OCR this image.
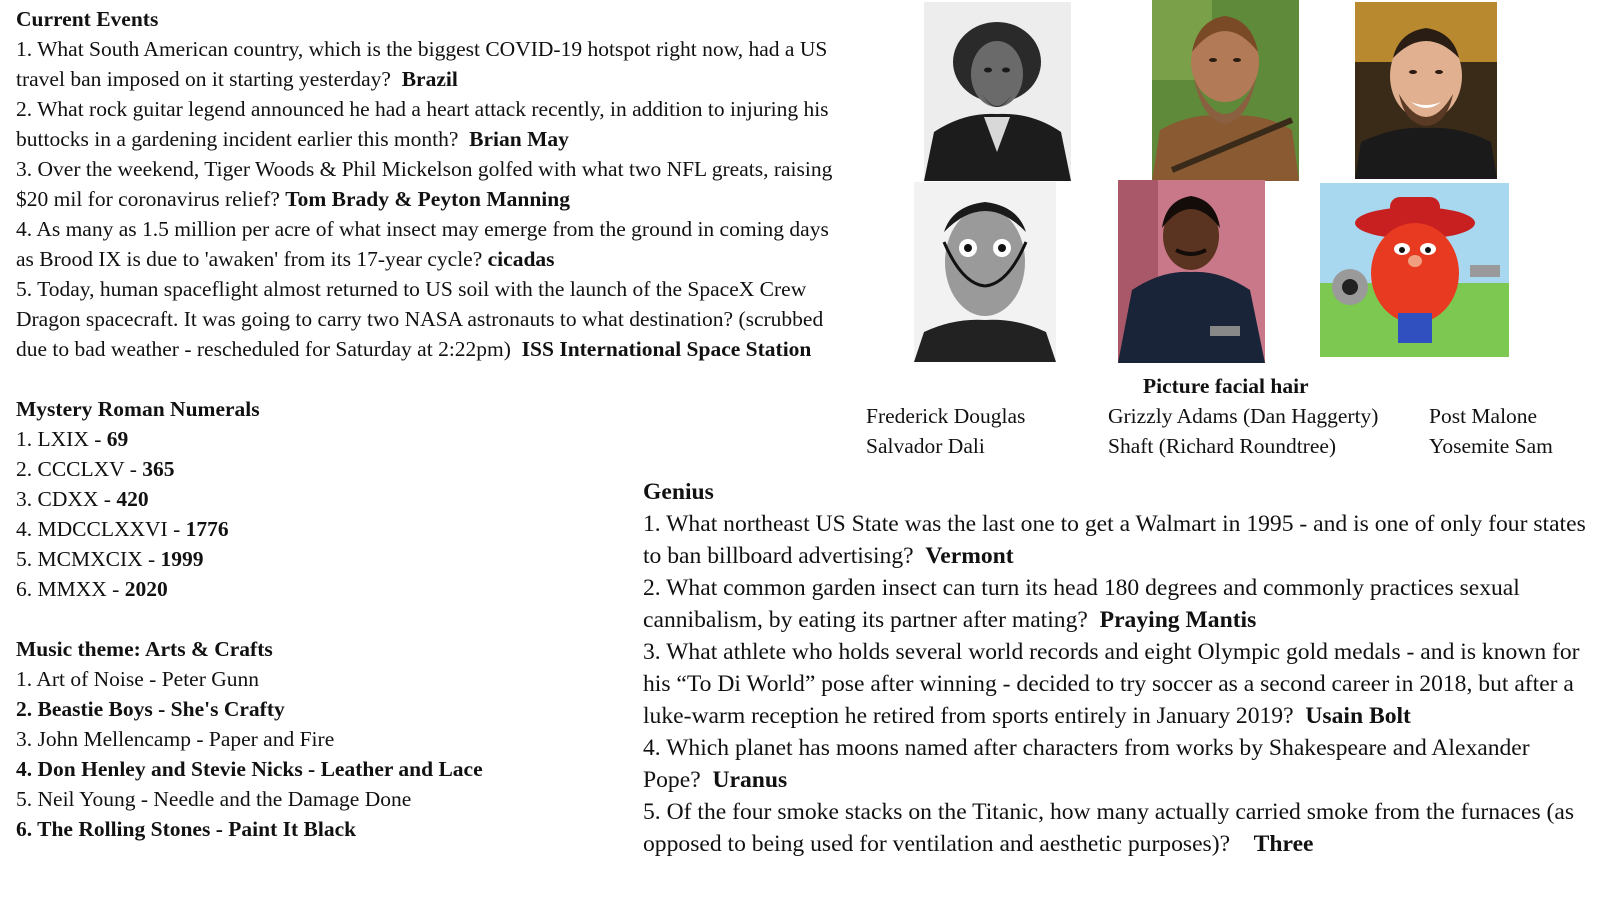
Current Events
1. What South American country, which is the biggest COVID-19 hotspot right now, had a US travel ban imposed on it starting yesterday? Brazil
2. What rock guitar legend announced he had a heart attack recently, in addition to injuring his buttocks in a gardening incident earlier this month? Brian May
3. Over the weekend, Tiger Woods & Phil Mickelson golfed with what two NFL greats, raising $20 mil for coronavirus relief? Tom Brady & Peyton Manning
4. As many as 1.5 million per acre of what insect may emerge from the ground in coming days as Brood IX is due to 'awaken' from its 17-year cycle? cicadas
5. Today, human spaceflight almost returned to US soil with the launch of the SpaceX Crew Dragon spacecraft. It was going to carry two NASA astronauts to what destination? (scrubbed due to bad weather - rescheduled for Saturday at 2:22pm) ISS International Space Station
Mystery Roman Numerals
1. LXIX - 69
2. CCCLXV - 365
3. CDXX - 420
4. MDCCLXXVI - 1776
5. MCMXCIX - 1999
6. MMXX - 2020
Music theme: Arts & Crafts
1. Art of Noise - Peter Gunn
2. Beastie Boys - She's Crafty
3. John Mellencamp - Paper and Fire
4. Don Henley and Stevie Nicks - Leather and Lace
5. Neil Young - Needle and the Damage Done
6. The Rolling Stones - Paint It Black
Picture facial hair
Frederick Douglas
Salvador Dali
Grizzly Adams (Dan Haggerty)
Shaft (Richard Roundtree)
Post Malone
Yosemite Sam
Genius
1. What northeast US State was the last one to get a Walmart in 1995 - and is one of only four states to ban billboard advertising? Vermont
2. What common garden insect can turn its head 180 degrees and commonly practices sexual cannibalism, by eating its partner after mating? Praying Mantis
3. What athlete who holds several world records and eight Olympic gold medals - and is known for his “To Di World” pose after winning - decided to try soccer as a second career in 2018, but after a luke-warm reception he retired from sports entirely in January 2019? Usain Bolt
4. Which planet has moons named after characters from works by Shakespeare and Alexander Pope? Uranus
5. Of the four smoke stacks on the Titanic, how many actually carried smoke from the furnaces (as opposed to being used for ventilation and aesthetic purposes)? Three
